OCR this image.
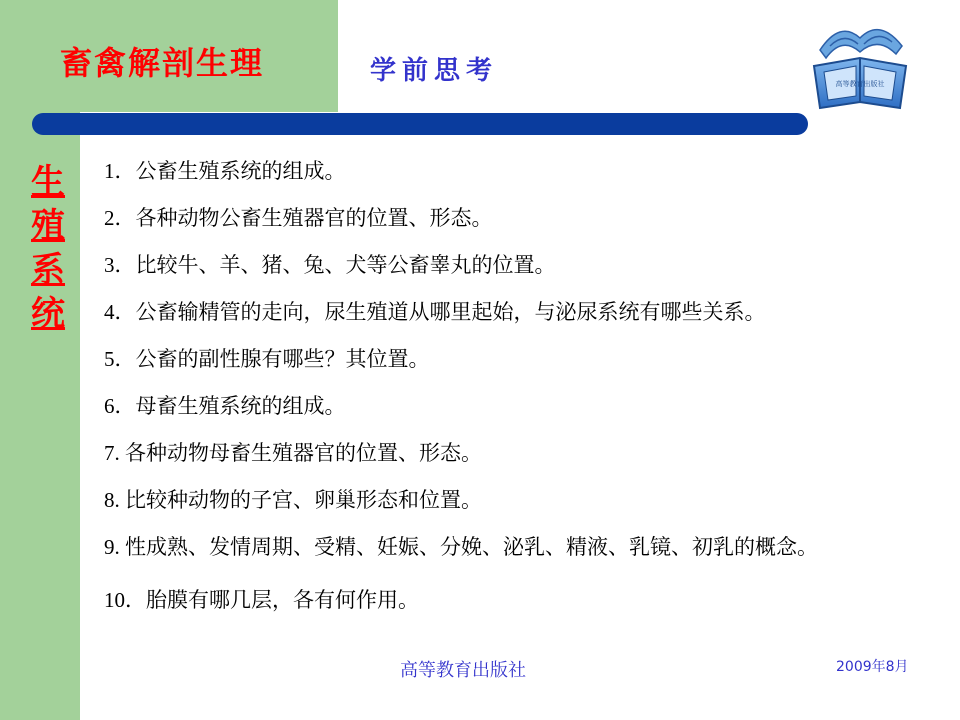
高等教育出版社
畜禽解剖生理	学前思考
生殖系统
1．公畜生殖系统的组成。
2．各种动物公畜生殖器官的位置、形态。
3．比较牛、羊、猪、兔、犬等公畜睾丸的位置。
4．公畜输精管的走向，尿生殖道从哪里起始，与泌尿系统有哪些关系。
5．公畜的副性腺有哪些？其位置。
6．母畜生殖系统的组成。
7. 各种动物母畜生殖器官的位置、形态。
8. 比较种动物的子宫、卵巢形态和位置。
9. 性成熟、发情周期、受精、妊娠、分娩、泌乳、精液、乳镜、初乳的概念。
10．胎膜有哪几层，各有何作用。
高等教育出版社	2009年8月
